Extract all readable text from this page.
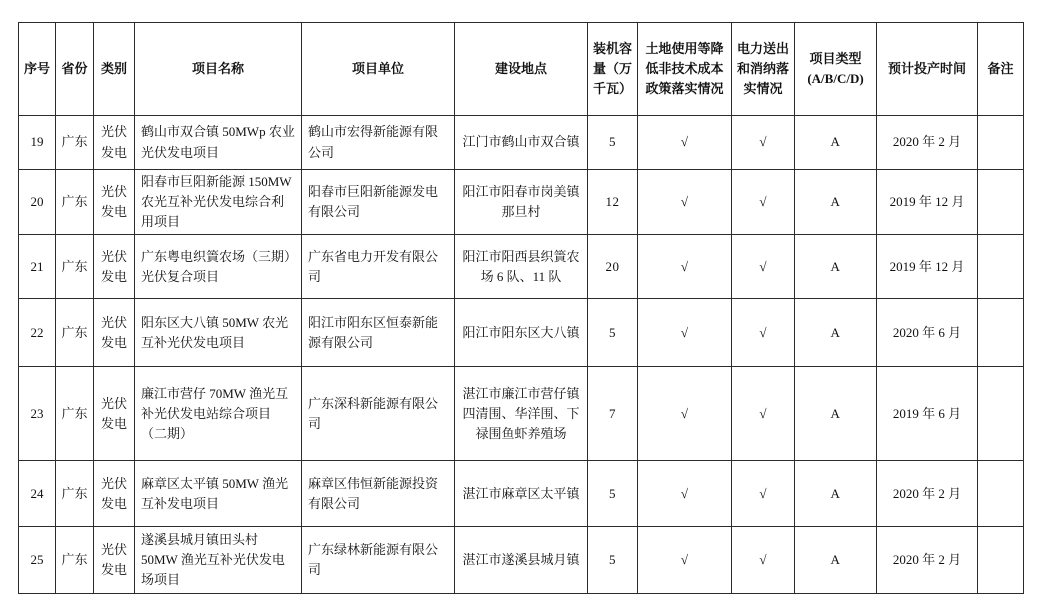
序号	省份	类别	项目名称	项目单位	建设地点	装机容量（万千瓦）	土地使用等降低非技术成本政策落实情况	电力送出和消纳落实情况	项目类型(A/B/C/D)	预计投产时间	备注
19	广东	光伏发电	鹤山市双合镇 50MWp 农业光伏发电项目	鹤山市宏得新能源有限公司	江门市鹤山市双合镇	5	√	√	A	2020 年 2 月	
20	广东	光伏发电	阳春市巨阳新能源 150MW 农光互补光伏发电综合利用项目	阳春市巨阳新能源发电有限公司	阳江市阳春市岗美镇那旦村	12	√	√	A	2019 年 12 月	
21	广东	光伏发电	广东粤电织篢农场（三期）光伏复合项目	广东省电力开发有限公司	阳江市阳西县织篢农场 6 队、11 队	20	√	√	A	2019 年 12 月	
22	广东	光伏发电	阳东区大八镇 50MW 农光互补光伏发电项目	阳江市阳东区恒泰新能源有限公司	阳江市阳东区大八镇	5	√	√	A	2020 年 6 月	
23	广东	光伏发电	廉江市营仔 70MW 渔光互补光伏发电站综合项目（二期）	广东深科新能源有限公司	湛江市廉江市营仔镇四清围、华洋围、下禄围鱼虾养殖场	7	√	√	A	2019 年 6 月	
24	广东	光伏发电	麻章区太平镇 50MW 渔光互补发电项目	麻章区伟恒新能源投资有限公司	湛江市麻章区太平镇	5	√	√	A	2020 年 2 月	
25	广东	光伏发电	遂溪县城月镇田头村 50MW 渔光互补光伏发电场项目	广东绿林新能源有限公司	湛江市遂溪县城月镇	5	√	√	A	2020 年 2 月	
